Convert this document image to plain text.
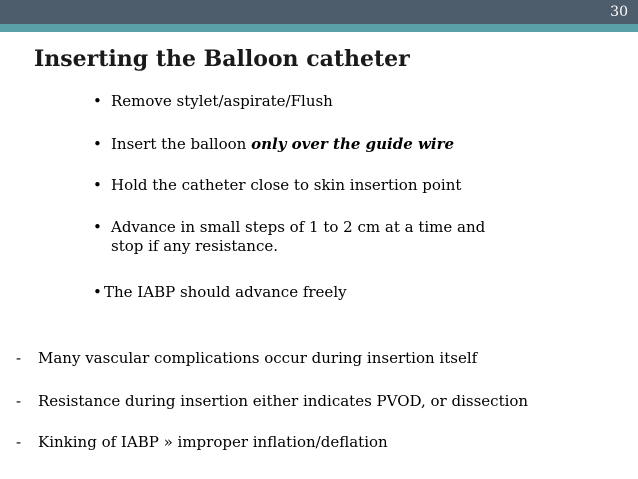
30
Inserting the Balloon catheter
• Remove stylet/aspirate/Flush
• Insert the balloon only over the guide wire
• Hold the catheter close to skin insertion point
• Advance in small steps of 1 to 2 cm at a time and
stop if any resistance.
• The IABP should advance freely
- Many vascular complications occur during insertion itself
- Resistance during insertion either indicates PVOD, or dissection
- Kinking of IABP » improper inflation/deflation
